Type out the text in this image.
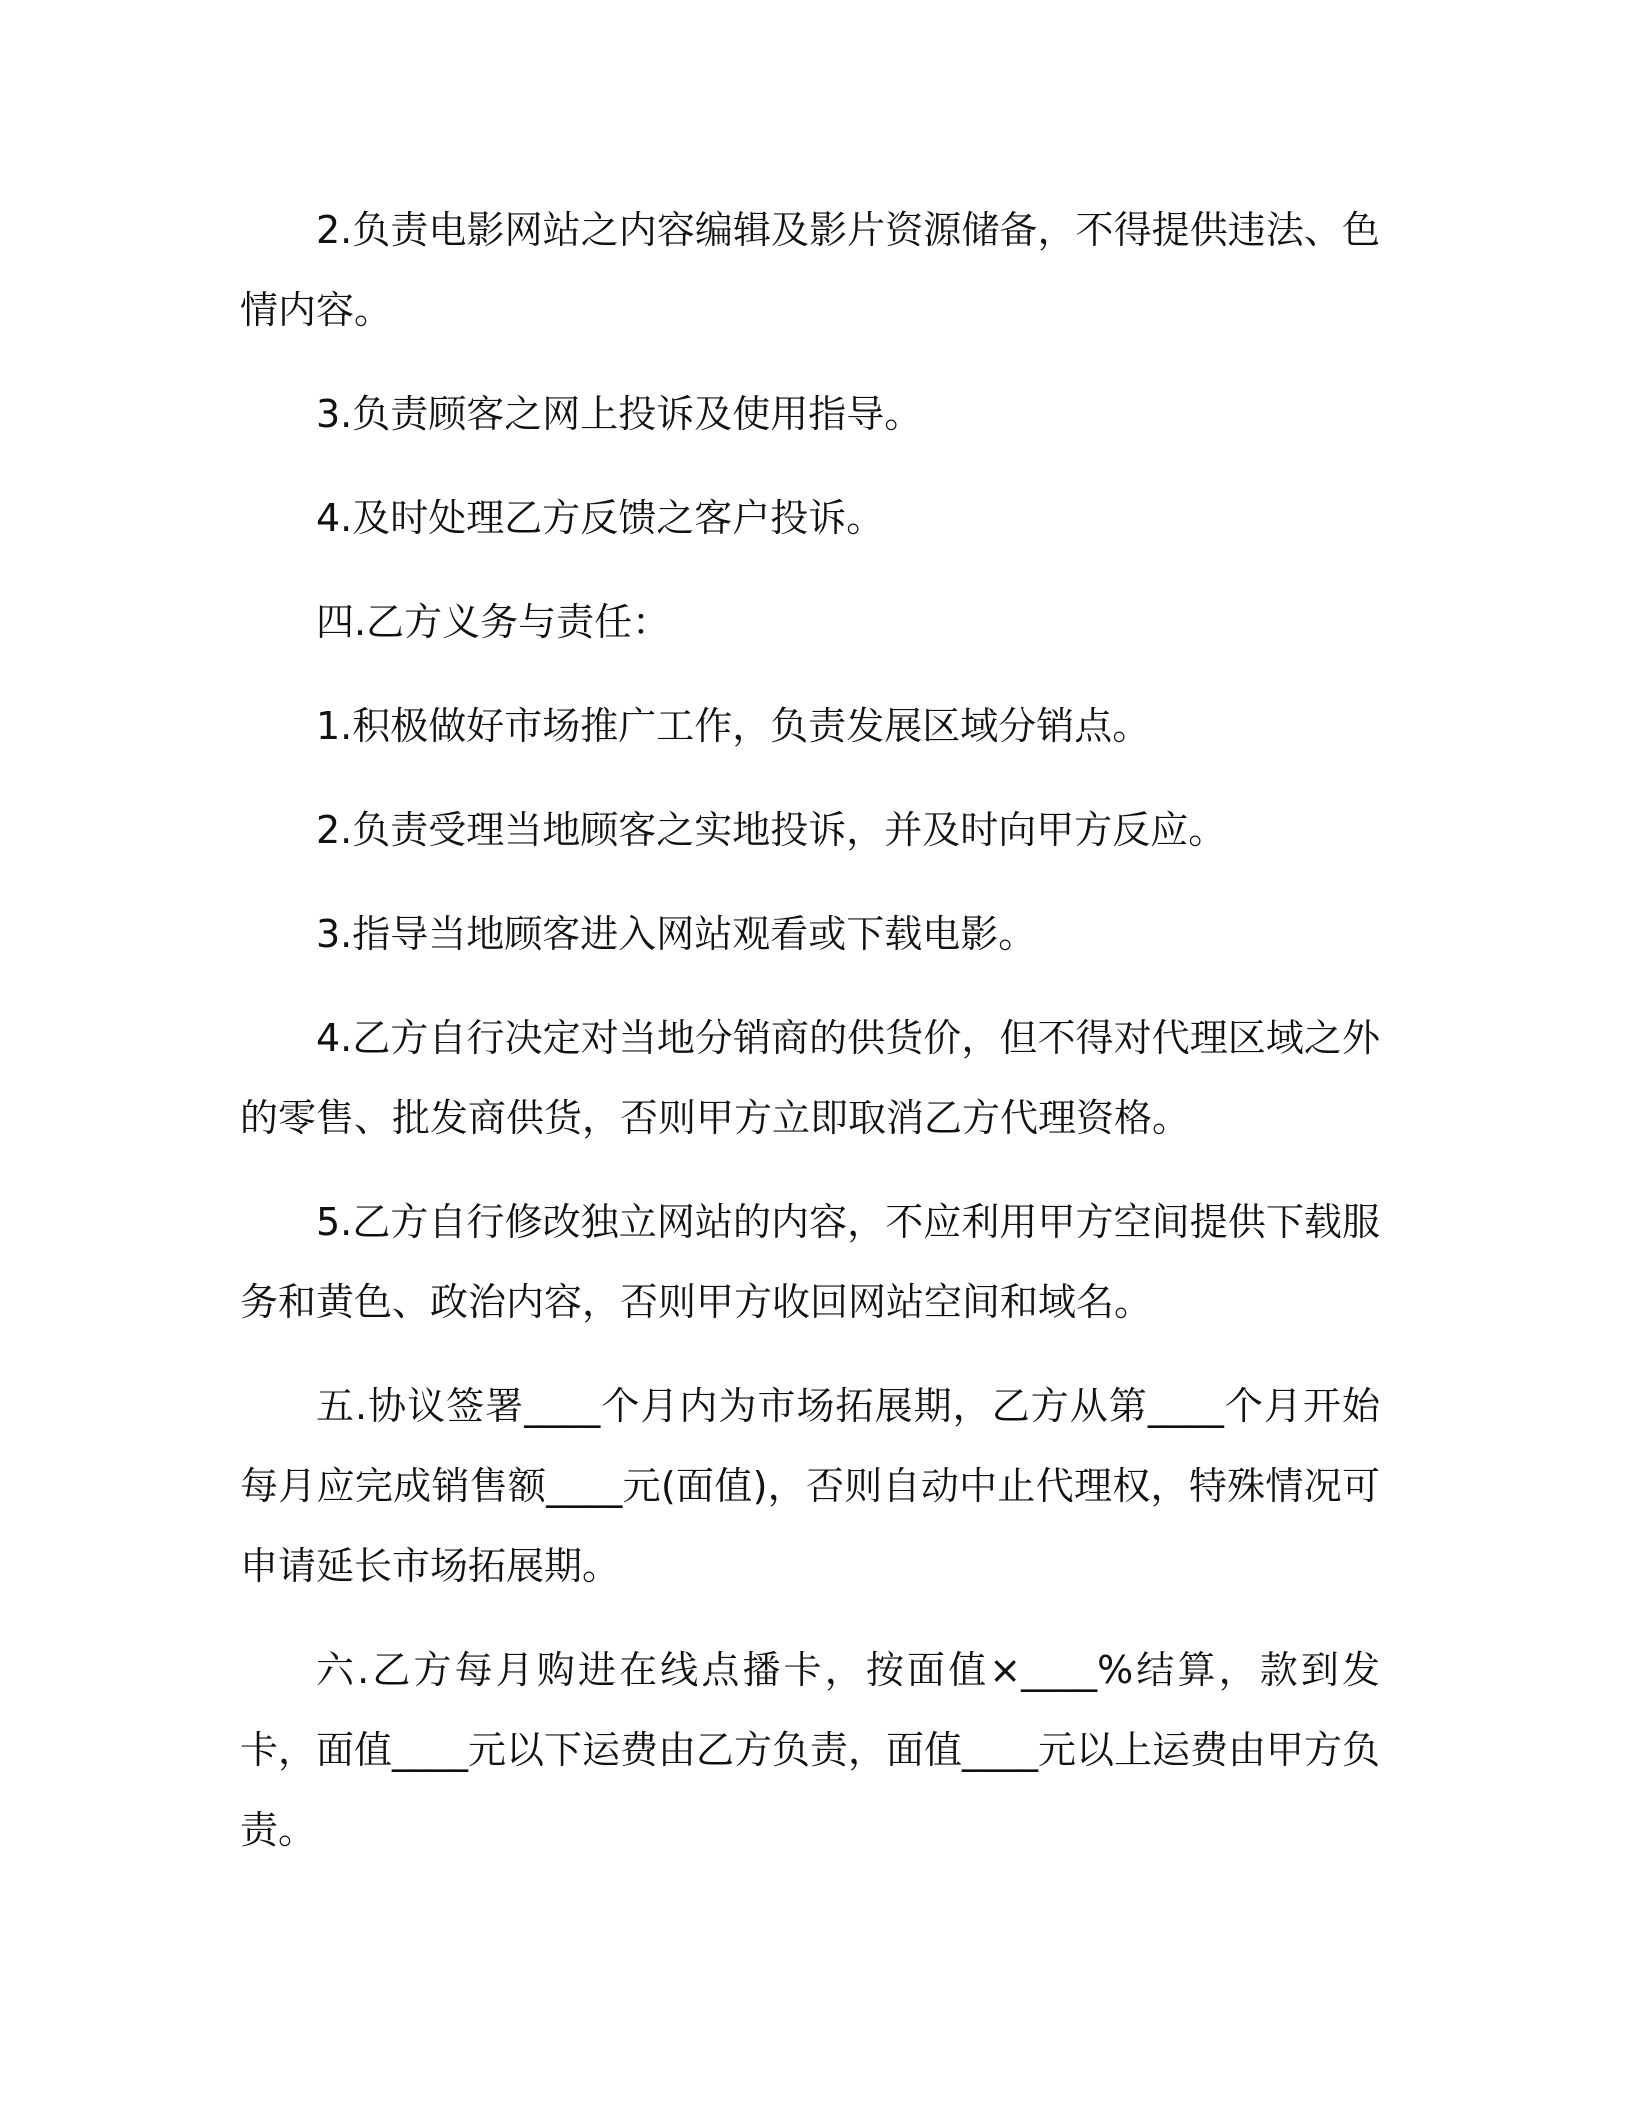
2.负责电影网站之内容编辑及影片资源储备，不得提供违法、色情内容。

3.负责顾客之网上投诉及使用指导。

4.及时处理乙方反馈之客户投诉。

四.乙方义务与责任：

1.积极做好市场推广工作，负责发展区域分销点。

2.负责受理当地顾客之实地投诉，并及时向甲方反应。

3.指导当地顾客进入网站观看或下载电影。

4.乙方自行决定对当地分销商的供货价，但不得对代理区域之外的零售、批发商供货，否则甲方立即取消乙方代理资格。

5.乙方自行修改独立网站的内容，不应利用甲方空间提供下载服务和黄色、政治内容，否则甲方收回网站空间和域名。

五.协议签署____个月内为市场拓展期，乙方从第____个月开始每月应完成销售额____元(面值)，否则自动中止代理权，特殊情况可申请延长市场拓展期。

六.乙方每月购进在线点播卡，按面值×____%结算，款到发卡，面值____元以下运费由乙方负责，面值____元以上运费由甲方负责。
